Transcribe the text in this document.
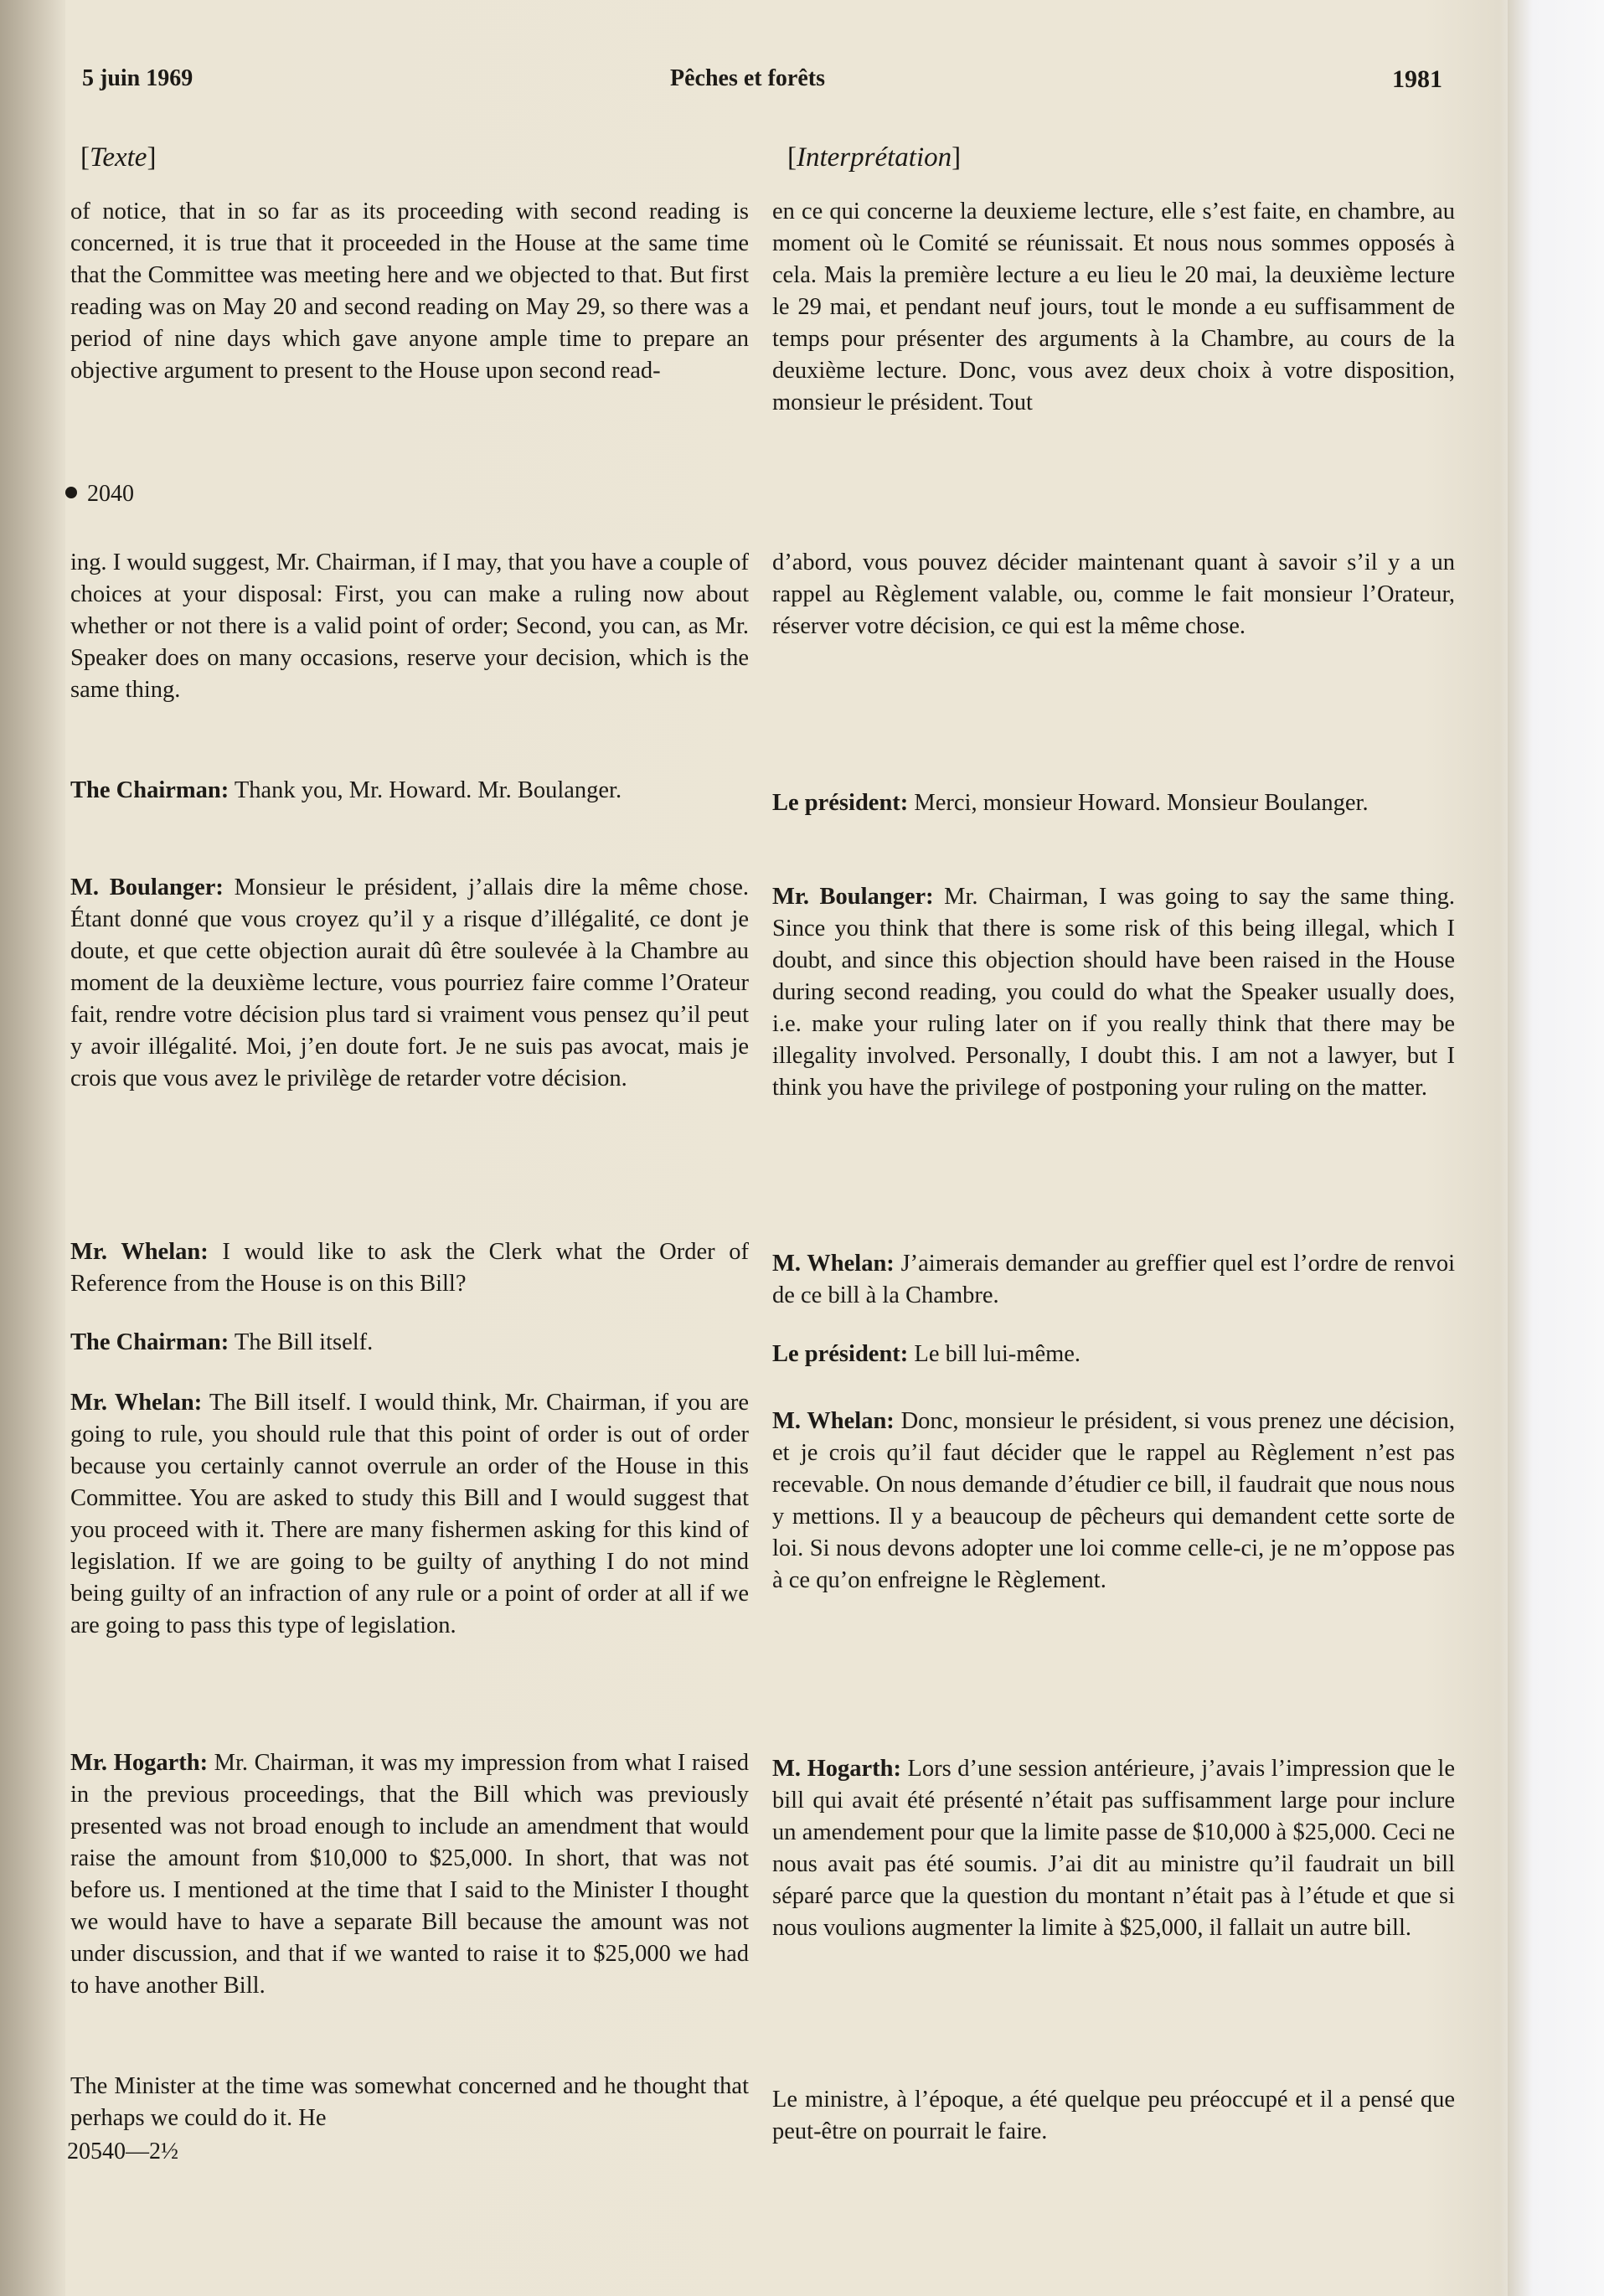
5 juin 1969	Pêches et forêts	1981
[Texte]	[Interprétation]

of notice, that in so far as its proceeding with second reading is concerned, it is true that it proceeded in the House at the same time that the Committee was meeting here and we objected to that. But first reading was on May 20 and second reading on May 29, so there was a period of nine days which gave anyone ample time to prepare an objective argument to present to the House upon second read-

2040

ing. I would suggest, Mr. Chairman, if I may, that you have a couple of choices at your disposal: First, you can make a ruling now about whether or not there is a valid point of order; Second, you can, as Mr. Speaker does on many occasions, reserve your decision, which is the same thing.

The Chairman: Thank you, Mr. Howard. Mr. Boulanger.

M. Boulanger: Monsieur le président, j’allais dire la même chose. Étant donné que vous croyez qu’il y a risque d’illégalité, ce dont je doute, et que cette objection aurait dû être soulevée à la Chambre au moment de la deuxième lecture, vous pourriez faire comme l’Orateur fait, rendre votre décision plus tard si vraiment vous pensez qu’il peut y avoir illégalité. Moi, j’en doute fort. Je ne suis pas avocat, mais je crois que vous avez le privilège de retarder votre décision.

Mr. Whelan: I would like to ask the Clerk what the Order of Reference from the House is on this Bill?

The Chairman: The Bill itself.

Mr. Whelan: The Bill itself. I would think, Mr. Chairman, if you are going to rule, you should rule that this point of order is out of order because you certainly cannot overrule an order of the House in this Committee. You are asked to study this Bill and I would suggest that you proceed with it. There are many fishermen asking for this kind of legislation. If we are going to be guilty of anything I do not mind being guilty of an infraction of any rule or a point of order at all if we are going to pass this type of legislation.

Mr. Hogarth: Mr. Chairman, it was my impression from what I raised in the previous proceedings, that the Bill which was previously presented was not broad enough to include an amendment that would raise the amount from $10,000 to $25,000. In short, that was not before us. I mentioned at the time that I said to the Minister I thought we would have to have a separate Bill because the amount was not under discussion, and that if we wanted to raise it to $25,000 we had to have another Bill.

The Minister at the time was somewhat concerned and he thought that perhaps we could do it. He

20540—2½

en ce qui concerne la deuxieme lecture, elle s’est faite, en chambre, au moment où le Comité se réunissait. Et nous nous sommes opposés à cela. Mais la première lecture a eu lieu le 20 mai, la deuxième lecture le 29 mai, et pendant neuf jours, tout le monde a eu suffisamment de temps pour présenter des arguments à la Chambre, au cours de la deuxième lecture. Donc, vous avez deux choix à votre disposition, monsieur le président. Tout

d’abord, vous pouvez décider maintenant quant à savoir s’il y a un rappel au Règlement valable, ou, comme le fait monsieur l’Orateur, réserver votre décision, ce qui est la même chose.

Le président: Merci, monsieur Howard. Monsieur Boulanger.

Mr. Boulanger: Mr. Chairman, I was going to say the same thing. Since you think that there is some risk of this being illegal, which I doubt, and since this objection should have been raised in the House during second reading, you could do what the Speaker usually does, i.e. make your ruling later on if you really think that there may be illegality involved. Personally, I doubt this. I am not a lawyer, but I think you have the privilege of postponing your ruling on the matter.

M. Whelan: J’aimerais demander au greffier quel est l’ordre de renvoi de ce bill à la Chambre.

Le président: Le bill lui-même.

M. Whelan: Donc, monsieur le président, si vous prenez une décision, et je crois qu’il faut décider que le rappel au Règlement n’est pas recevable. On nous demande d’étudier ce bill, il faudrait que nous nous y mettions. Il y a beaucoup de pêcheurs qui demandent cette sorte de loi. Si nous devons adopter une loi comme celle-ci, je ne m’oppose pas à ce qu’on enfreigne le Règlement.

M. Hogarth: Lors d’une session antérieure, j’avais l’impression que le bill qui avait été présenté n’était pas suffisamment large pour inclure un amendement pour que la limite passe de $10,000 à $25,000. Ceci ne nous avait pas été soumis. J’ai dit au ministre qu’il faudrait un bill séparé parce que la question du montant n’était pas à l’étude et que si nous voulions augmenter la limite à $25,000, il fallait un autre bill.

Le ministre, à l’époque, a été quelque peu préoccupé et il a pensé que peut-être on pourrait le faire.
